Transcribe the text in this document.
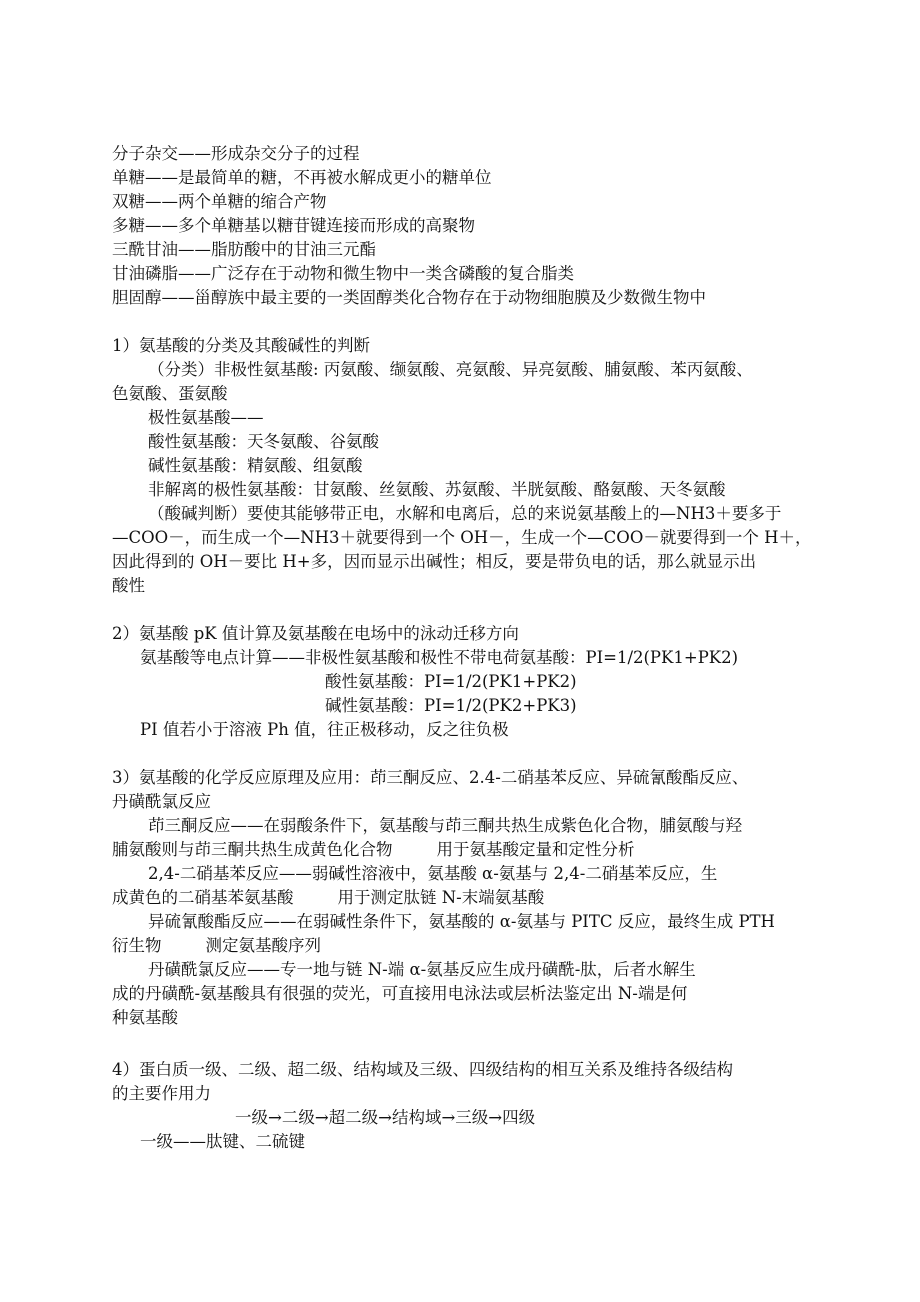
分子杂交——形成杂交分子的过程
单糖——是最简单的糖，不再被水解成更小的糖单位
双糖——两个单糖的缩合产物
多糖——多个单糖基以糖苷键连接而形成的高聚物
三酰甘油——脂肪酸中的甘油三元酯
甘油磷脂——广泛存在于动物和微生物中一类含磷酸的复合脂类
胆固醇——甾醇族中最主要的一类固醇类化合物存在于动物细胞膜及少数微生物中
1）氨基酸的分类及其酸碱性的判断
（分类）非极性氨基酸: 丙氨酸、缬氨酸、亮氨酸、异亮氨酸、脯氨酸、苯丙氨酸、
色氨酸、蛋氨酸
极性氨基酸——
酸性氨基酸：天冬氨酸、谷氨酸
碱性氨基酸：精氨酸、组氨酸
非解离的极性氨基酸：甘氨酸、丝氨酸、苏氨酸、半胱氨酸、酪氨酸、天冬氨酸
（酸碱判断）要使其能够带正电，水解和电离后，总的来说氨基酸上的—NH3＋要多于
—COO－，而生成一个—NH3＋就要得到一个 OH－，生成一个—COO－就要得到一个 H＋，
因此得到的 OH－要比 H+多，因而显示出碱性；相反，要是带负电的话，那么就显示出
酸性
2）氨基酸 pK 值计算及氨基酸在电场中的泳动迁移方向
氨基酸等电点计算——非极性氨基酸和极性不带电荷氨基酸：PI=1/2(PK1+PK2)
酸性氨基酸：PI=1/2(PK1+PK2)
碱性氨基酸：PI=1/2(PK2+PK3)
PI 值若小于溶液 Ph 值，往正极移动，反之往负极
3）氨基酸的化学反应原理及应用：茚三酮反应、2.4-二硝基苯反应、异硫氰酸酯反应、
丹磺酰氯反应
茚三酮反应——在弱酸条件下，氨基酸与茚三酮共热生成紫色化合物，脯氨酸与羟
脯氨酸则与茚三酮共热生成黄色化合物	用于氨基酸定量和定性分析
2,4-二硝基苯反应——弱碱性溶液中，氨基酸 α-氨基与 2,4-二硝基苯反应，生
成黄色的二硝基苯氨基酸	用于测定肽链 N-末端氨基酸
异硫氰酸酯反应——在弱碱性条件下，氨基酸的 α-氨基与 PITC 反应，最终生成 PTH
衍生物	测定氨基酸序列
丹磺酰氯反应——专一地与链 N-端 α-氨基反应生成丹磺酰-肽，后者水解生
成的丹磺酰-氨基酸具有很强的荧光，可直接用电泳法或层析法鉴定出 N-端是何
种氨基酸
4）蛋白质一级、二级、超二级、结构域及三级、四级结构的相互关系及维持各级结构
的主要作用力
一级→二级→超二级→结构域→三级→四级
一级——肽键、二硫键
